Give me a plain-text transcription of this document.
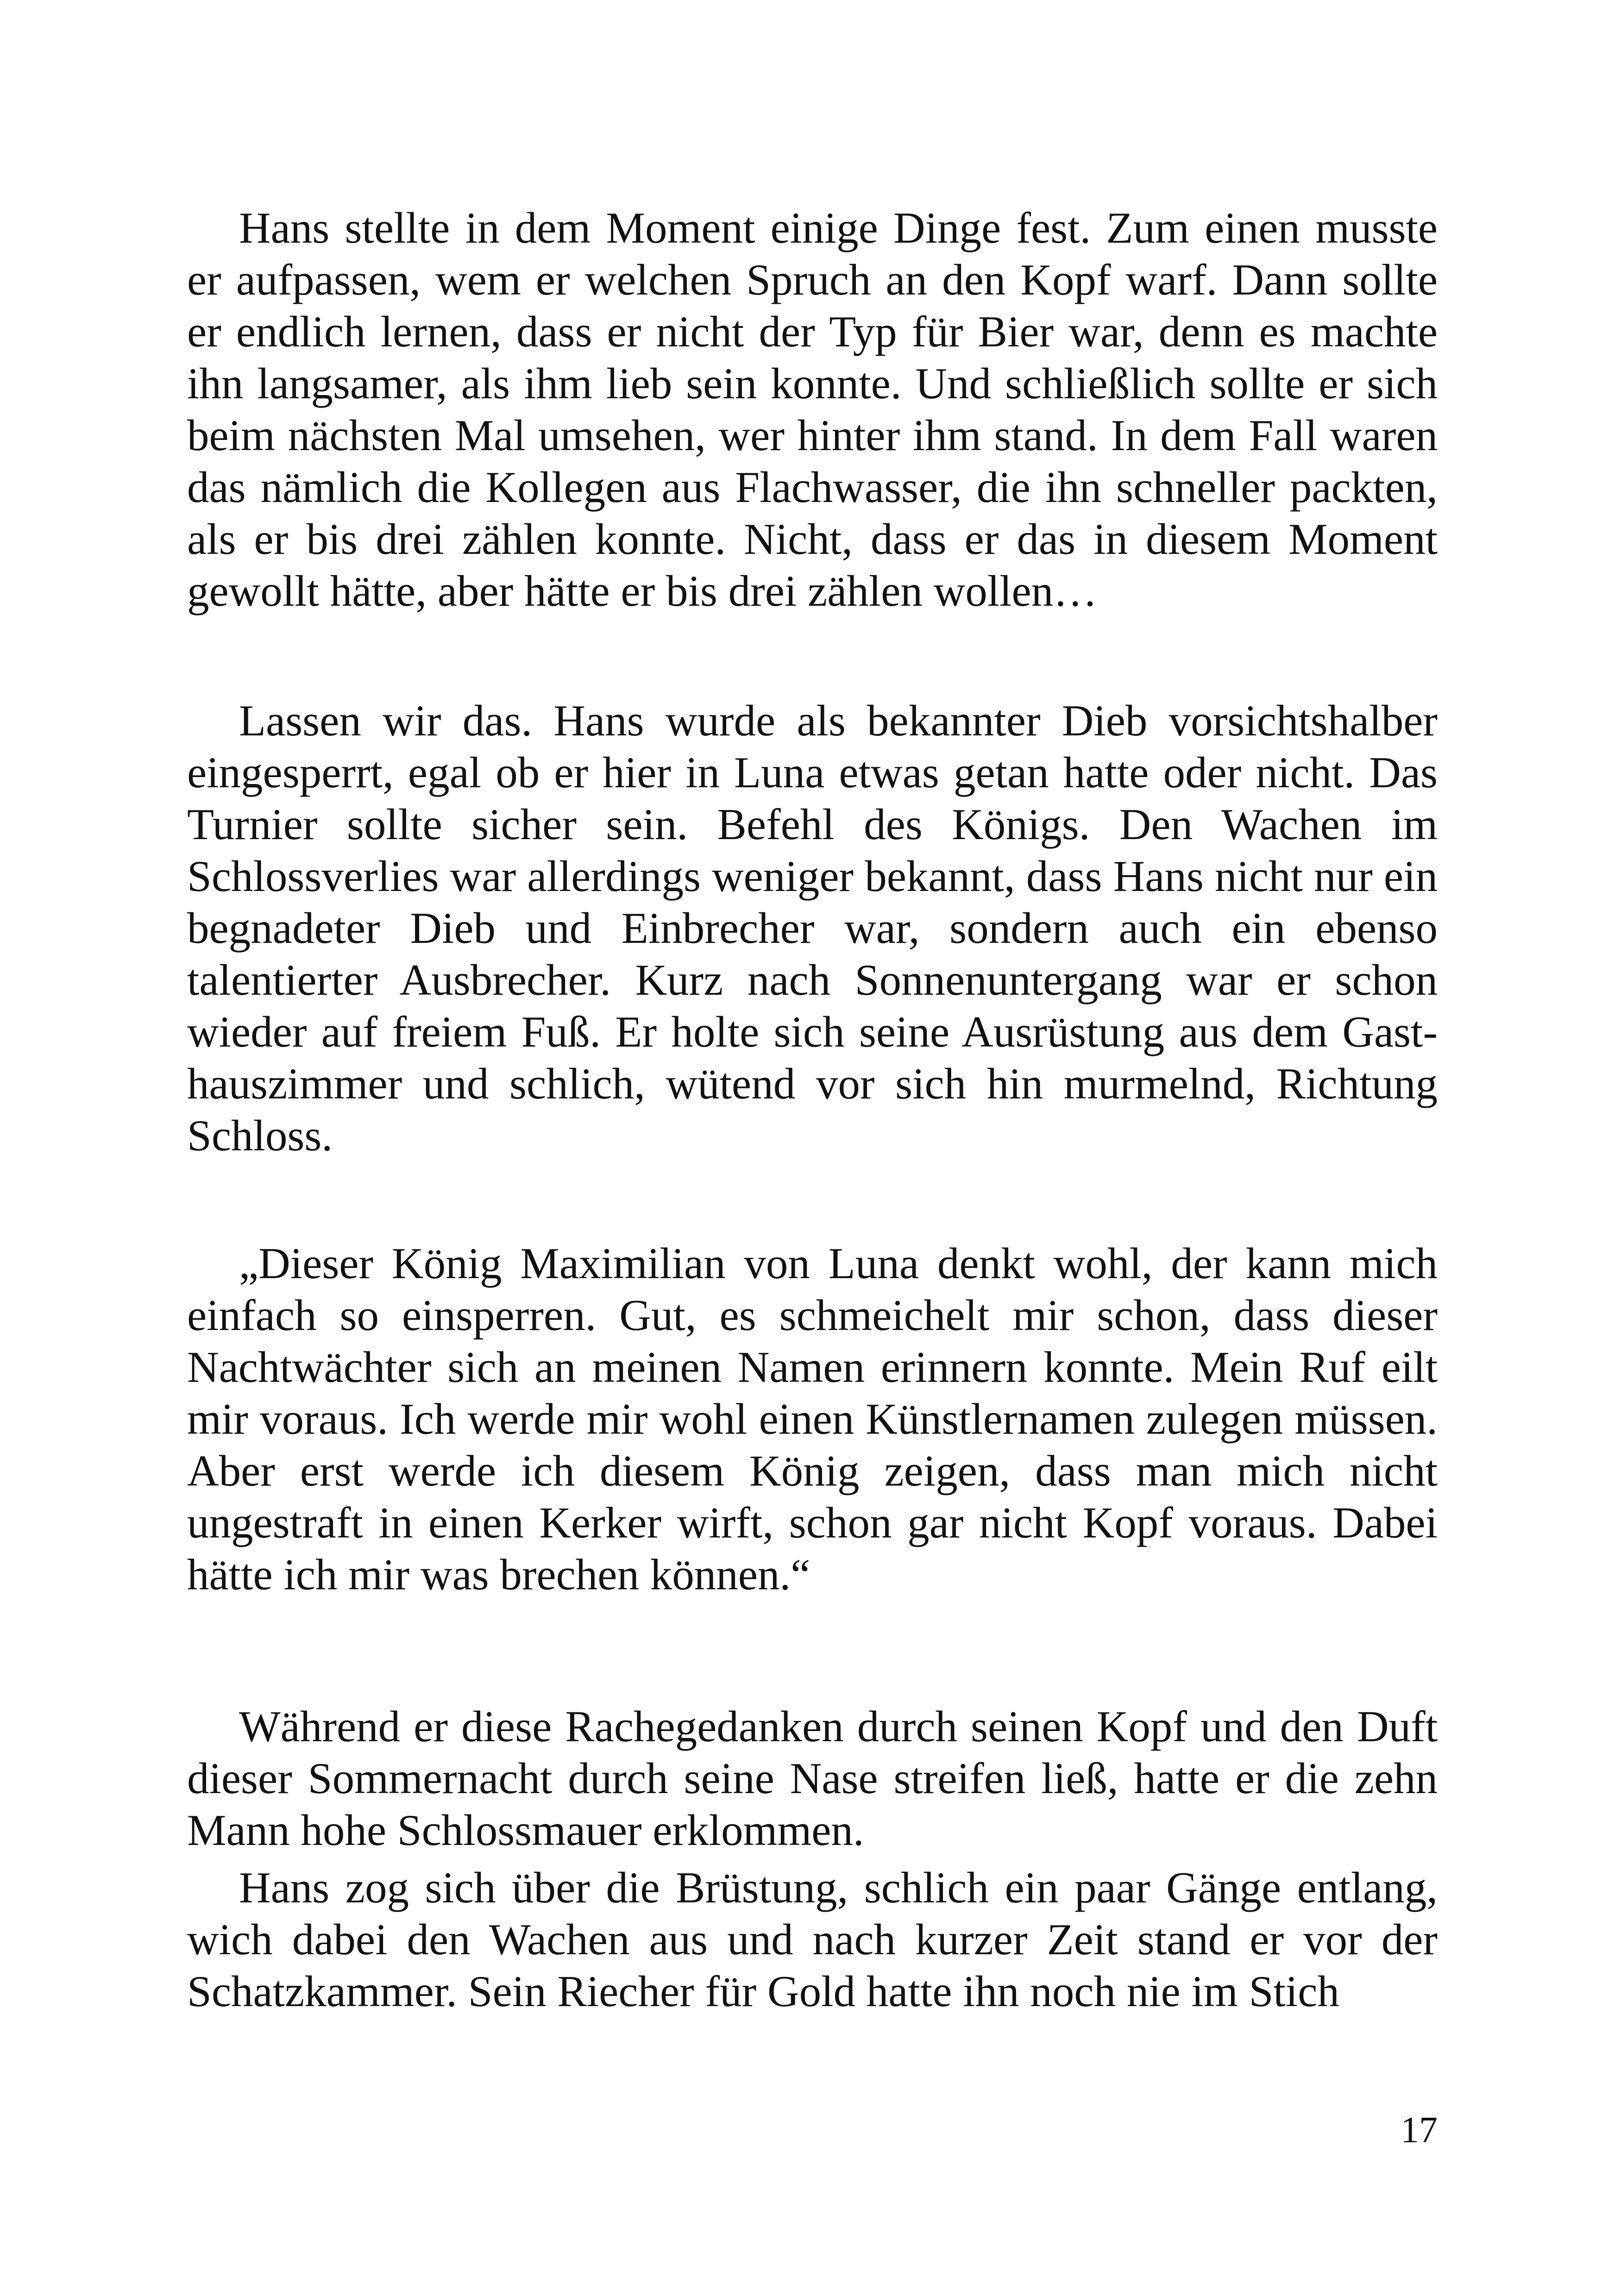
Hans stellte in dem Moment einige Dinge fest. Zum einen musste er aufpassen, wem er welchen Spruch an den Kopf warf. Dann sollte er endlich lernen, dass er nicht der Typ für Bier war, denn es machte ihn langsamer, als ihm lieb sein konnte. Und schließlich sollte er sich beim nächsten Mal umsehen, wer hinter ihm stand. In dem Fall waren das nämlich die Kollegen aus Flachwasser, die ihn schneller packten, als er bis drei zählen konnte. Nicht, dass er das in diesem Moment gewollt hätte, aber hätte er bis drei zählen wollen…

Lassen wir das. Hans wurde als bekannter Dieb vorsichtshalber eingesperrt, egal ob er hier in Luna etwas getan hatte oder nicht. Das Turnier sollte sicher sein. Befehl des Königs. Den Wachen im Schlossverlies war allerdings weniger bekannt, dass Hans nicht nur ein begnadeter Dieb und Einbrecher war, sondern auch ein ebenso talentierter Ausbrecher. Kurz nach Sonnenuntergang war er schon wieder auf freiem Fuß. Er holte sich seine Ausrüstung aus dem Gasthauszimmer und schlich, wütend vor sich hin murmelnd, Richtung Schloss.

„Dieser König Maximilian von Luna denkt wohl, der kann mich einfach so einsperren. Gut, es schmeichelt mir schon, dass dieser Nachtwächter sich an meinen Namen erinnern konnte. Mein Ruf eilt mir voraus. Ich werde mir wohl einen Künstlernamen zulegen müssen. Aber erst werde ich diesem König zeigen, dass man mich nicht ungestraft in einen Kerker wirft, schon gar nicht Kopf voraus. Dabei hätte ich mir was brechen können.“

Während er diese Rachegedanken durch seinen Kopf und den Duft dieser Sommernacht durch seine Nase streifen ließ, hatte er die zehn Mann hohe Schlossmauer erklommen.

Hans zog sich über die Brüstung, schlich ein paar Gänge entlang, wich dabei den Wachen aus und nach kurzer Zeit stand er vor der Schatzkammer. Sein Riecher für Gold hatte ihn noch nie im Stich

17
